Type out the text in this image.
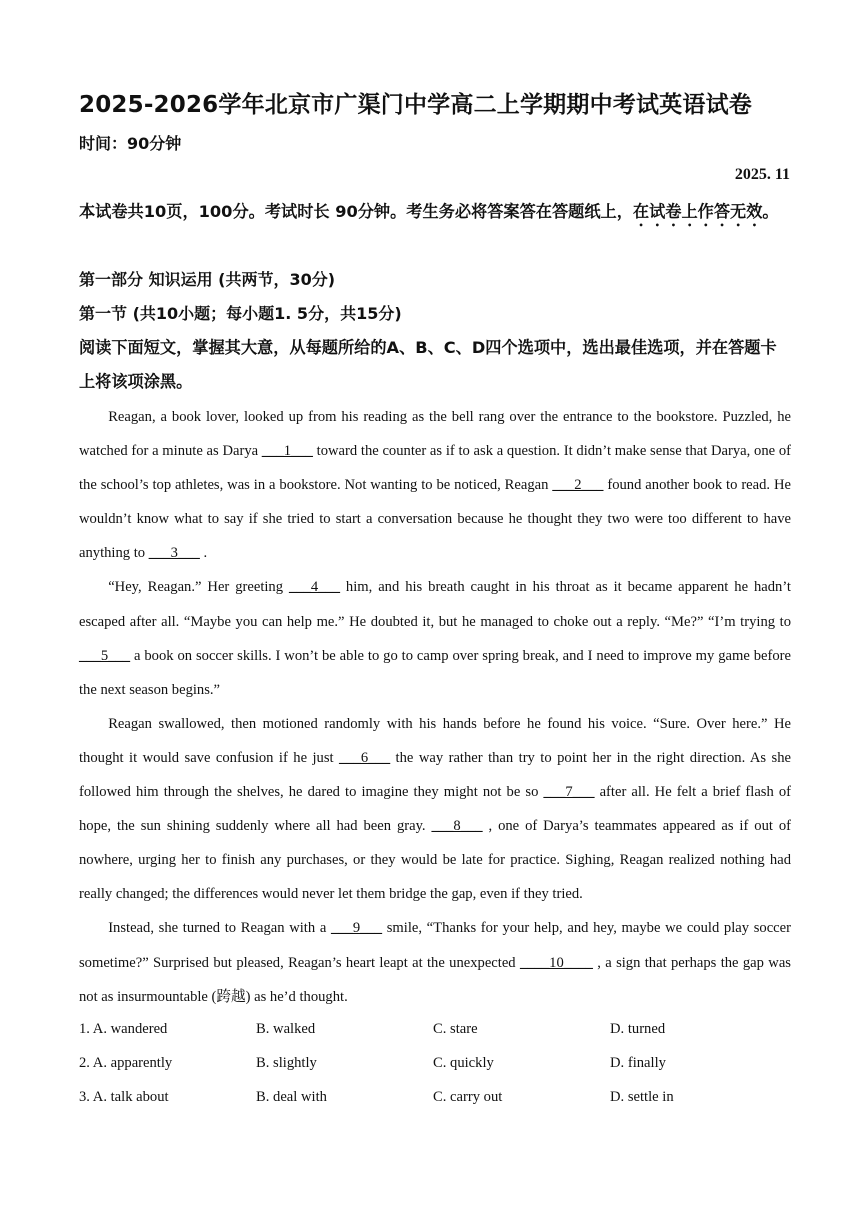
2025-2026学年北京市广渠门中学高二上学期期中考试英语试卷
时间：90分钟
2025. 11
本试卷共10页，100分。考试时长 90分钟。考生务必将答案答在答题纸上，在试卷上作答无效。
第一部分 知识运用 (共两节，30分)
第一节 (共10小题；每小题1. 5分，共15分)
阅读下面短文，掌握其大意，从每题所给的A、B、C、D四个选项中，选出最佳选项，并在答题卡上将该项涂黑。

Reagan, a book lover, looked up from his reading as the bell rang over the entrance to the bookstore. Puzzled, he watched for a minute as Darya ___1___ toward the counter as if to ask a question. It didn’t make sense that Darya, one of the school’s top athletes, was in a bookstore. Not wanting to be noticed, Reagan ___2___ found another book to read. He wouldn’t know what to say if she tried to start a conversation because he thought they two were too different to have anything to ___3___ .

“Hey, Reagan.” Her greeting ___4___ him, and his breath caught in his throat as it became apparent he hadn’t escaped after all. “Maybe you can help me.” He doubted it, but he managed to choke out a reply. “Me?” “I’m trying to ___5___ a book on soccer skills. I won’t be able to go to camp over spring break, and I need to improve my game before the next season begins.”

Reagan swallowed, then motioned randomly with his hands before he found his voice. “Sure. Over here.” He thought it would save confusion if he just ___6___ the way rather than try to point her in the right direction. As she followed him through the shelves, he dared to imagine they might not be so ___7___ after all. He felt a brief flash of hope, the sun shining suddenly where all had been gray. ___8___ , one of Darya’s teammates appeared as if out of nowhere, urging her to finish any purchases, or they would be late for practice. Sighing, Reagan realized nothing had really changed; the differences would never let them bridge the gap, even if they tried.

Instead, she turned to Reagan with a ___9___ smile, “Thanks for your help, and hey, maybe we could play soccer sometime?” Surprised but pleased, Reagan’s heart leapt at the unexpected ____10____ , a sign that perhaps the gap was not as insurmountable (跨越) as he’d thought.

1. A. wandered	B. walked	C. stare	D. turned
2. A. apparently	B. slightly	C. quickly	D. finally
3. A. talk about	B. deal with	C. carry out	D. settle in
